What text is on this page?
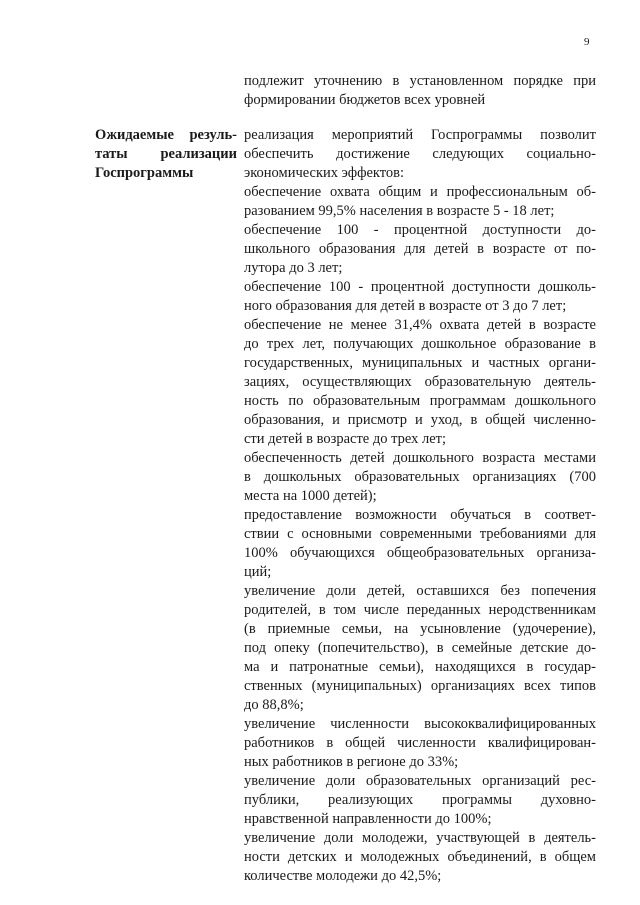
9
подлежит уточнению в установленном порядке при
формировании бюджетов всех уровней
Ожидаемые резуль-
таты реализации
Госпрограммы
реализация мероприятий Госпрограммы позволит
обеспечить достижение следующих социально-
экономических эффектов:
обеспечение охвата общим и профессиональным об-
разованием 99,5% населения в возрасте 5 - 18 лет;
обеспечение 100 - процентной доступности до-
школьного образования для детей в возрасте от по-
лутора до 3 лет;
обеспечение 100 - процентной доступности дошколь-
ного образования для детей в возрасте от 3 до 7 лет;
обеспечение не менее 31,4% охвата детей в возрасте
до трех лет, получающих дошкольное образование в
государственных, муниципальных и частных органи-
зациях, осуществляющих образовательную деятель-
ность по образовательным программам дошкольного
образования, и присмотр и уход, в общей численно-
сти детей в возрасте до трех лет;
обеспеченность детей дошкольного возраста местами
в дошкольных образовательных организациях (700
места на 1000 детей);
предоставление возможности обучаться в соответ-
ствии с основными современными требованиями для
100% обучающихся общеобразовательных организа-
ций;
увеличение доли детей, оставшихся без попечения
родителей, в том числе переданных неродственникам
(в приемные семьи, на усыновление (удочерение),
под опеку (попечительство), в семейные детские до-
ма и патронатные семьи), находящихся в государ-
ственных (муниципальных) организациях всех типов
до 88,8%;
увеличение численности высококвалифицированных
работников в общей численности квалифицирован-
ных работников в регионе до 33%;
увеличение доли образовательных организаций рес-
публики, реализующих программы духовно-
нравственной направленности до 100%;
увеличение доли молодежи, участвующей в деятель-
ности детских и молодежных объединений, в общем
количестве молодежи до 42,5%;
